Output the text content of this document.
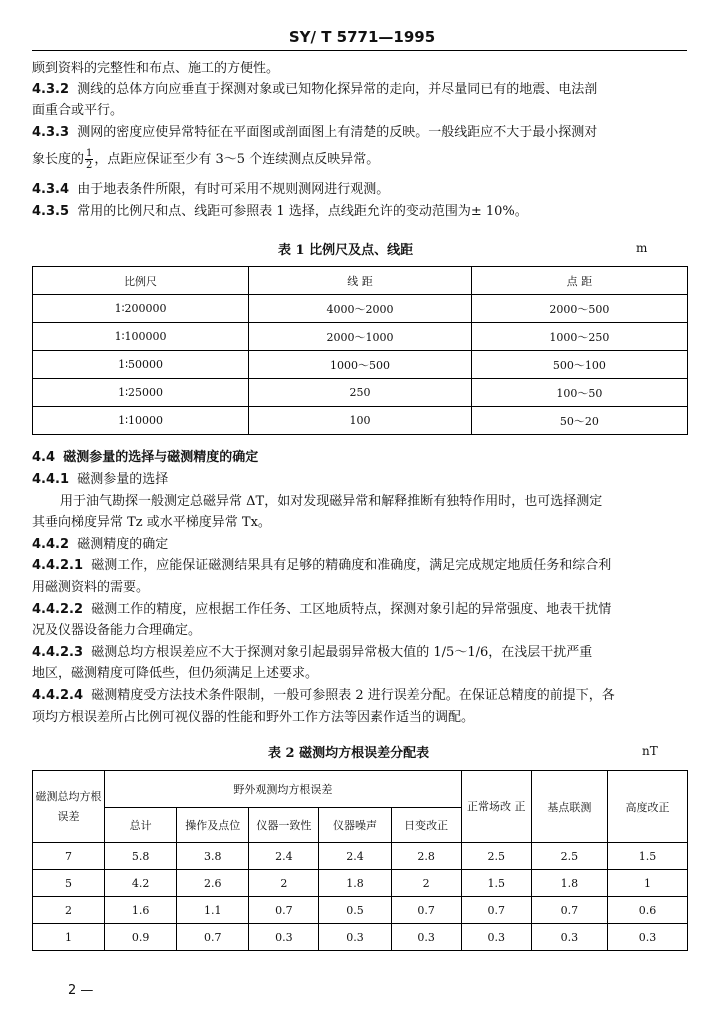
SY/ T 5771—1995
顾到资料的完整性和布点、施工的方便性。
4.3.2 测线的总体方向应垂直于探测对象或已知物化探异常的走向，并尽量同已有的地震、电法剖
面重合或平行。
4.3.3 测网的密度应使异常特征在平面图或剖面图上有清楚的反映。一般线距应不大于最小探测对
象长度的 $\frac{1}{2}$ ，点距应保证至少有 3～5 个连续测点反映异常。
4.3.4 由于地表条件所限，有时可采用不规则测网进行观测。
4.3.5 常用的比例尺和点、线距可参照表 1 选择，点线距允许的变动范围为± 10%。
表 1 比例尺及点、线距	m
比例尺	线 距	点 距
1∶200000	4000～2000	2000～500
1∶100000	2000～1000	1000～250
1∶50000	1000～500	500～100
1∶25000	250	100～50
1∶10000	100	50～20
4.4 磁测参量的选择与磁测精度的确定
4.4.1 磁测参量的选择
用于油气勘探一般测定总磁异常 ΔT，如对发现磁异常和解释推断有独特作用时，也可选择测定
其垂向梯度异常 Tz 或水平梯度异常 Tx。
4.4.2 磁测精度的确定
4.4.2.1 磁测工作，应能保证磁测结果具有足够的精确度和准确度，满足完成规定地质任务和综合利
用磁测资料的需要。
4.4.2.2 磁测工作的精度，应根据工作任务、工区地质特点，探测对象引起的异常强度、地表干扰情
况及仪器设备能力合理确定。
4.4.2.3 磁测总均方根误差应不大于探测对象引起最弱异常极大值的 1/5～1/6，在浅层干扰严重
地区，磁测精度可降低些，但仍须满足上述要求。
4.4.2.4 磁测精度受方法技术条件限制，一般可参照表 2 进行误差分配。在保证总精度的前提下，各
项均方根误差所占比例可视仪器的性能和野外工作方法等因素作适当的调配。
表 2 磁测均方根误差分配表	nT
磁测总均方根误差	野外观测均方根误差					正常场改 正	基点联测	高度改正
	总计	操作及点位	仪器一致性	仪器噪声	日变改正			
7	5.8	3.8	2.4	2.4	2.8	2.5	2.5	1.5
5	4.2	2.6	2	1.8	2	1.5	1.8	1
2	1.6	1.1	0.7	0.5	0.7	0.7	0.7	0.6
1	0.9	0.7	0.3	0.3	0.3	0.3	0.3	0.3
2 —
